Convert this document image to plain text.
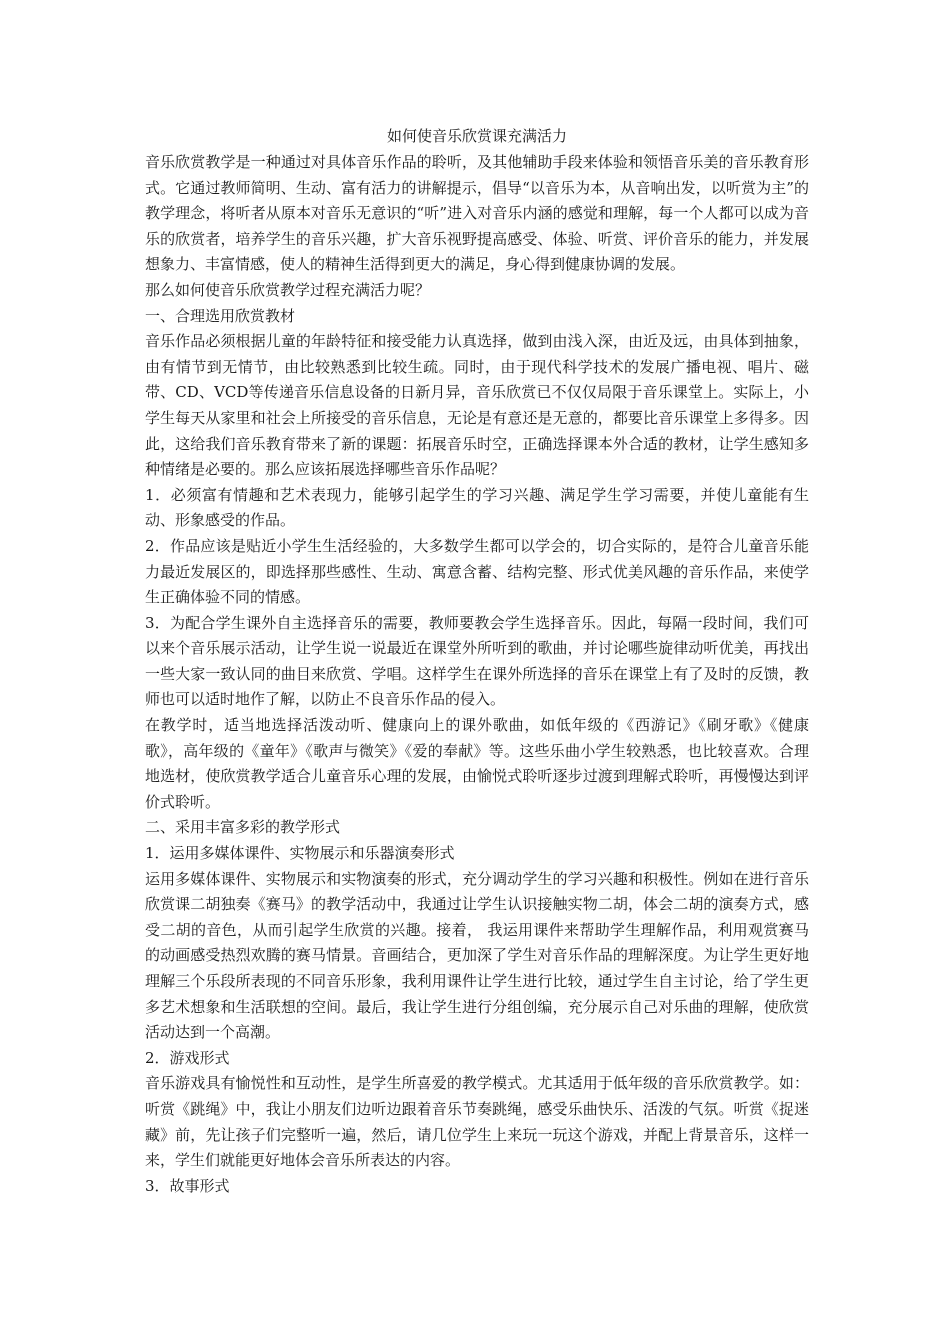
如何使音乐欣赏课充满活力

音乐欣赏教学是一种通过对具体音乐作品的聆听，及其他辅助手段来体验和领悟音乐美的音乐教育形式。它通过教师简明、生动、富有活力的讲解提示，倡导“以音乐为本，从音响出发，以听赏为主”的教学理念，将听者从原本对音乐无意识的“听”进入对音乐内涵的感觉和理解，每一个人都可以成为音乐的欣赏者，培养学生的音乐兴趣，扩大音乐视野提高感受、体验、听赏、评价音乐的能力，并发展想象力、丰富情感，使人的精神生活得到更大的满足，身心得到健康协调的发展。

那么如何使音乐欣赏教学过程充满活力呢？

一、合理选用欣赏教材

音乐作品必须根据儿童的年龄特征和接受能力认真选择，做到由浅入深，由近及远，由具体到抽象，由有情节到无情节，由比较熟悉到比较生疏。同时，由于现代科学技术的发展广播电视、唱片、磁带、CD、VCD等传递音乐信息设备的日新月异，音乐欣赏已不仅仅局限于音乐课堂上。实际上，小学生每天从家里和社会上所接受的音乐信息，无论是有意还是无意的，都要比音乐课堂上多得多。因此，这给我们音乐教育带来了新的课题：拓展音乐时空，正确选择课本外合适的教材，让学生感知多种情绪是必要的。那么应该拓展选择哪些音乐作品呢？

1．必须富有情趣和艺术表现力，能够引起学生的学习兴趣、满足学生学习需要，并使儿童能有生动、形象感受的作品。

2．作品应该是贴近小学生生活经验的，大多数学生都可以学会的，切合实际的，是符合儿童音乐能力最近发展区的，即选择那些感性、生动、寓意含蓄、结构完整、形式优美风趣的音乐作品，来使学生正确体验不同的情感。

3．为配合学生课外自主选择音乐的需要，教师要教会学生选择音乐。因此，每隔一段时间，我们可以来个音乐展示活动，让学生说一说最近在课堂外所听到的歌曲，并讨论哪些旋律动听优美，再找出一些大家一致认同的曲目来欣赏、学唱。这样学生在课外所选择的音乐在课堂上有了及时的反馈，教师也可以适时地作了解，以防止不良音乐作品的侵入。

在教学时，适当地选择活泼动听、健康向上的课外歌曲，如低年级的《西游记》《刷牙歌》《健康歌》，高年级的《童年》《歌声与微笑》《爱的奉献》等。这些乐曲小学生较熟悉，也比较喜欢。合理地选材，使欣赏教学适合儿童音乐心理的发展，由愉悦式聆听逐步过渡到理解式聆听，再慢慢达到评价式聆听。

二、采用丰富多彩的教学形式

1．运用多媒体课件、实物展示和乐器演奏形式

运用多媒体课件、实物展示和实物演奏的形式，充分调动学生的学习兴趣和积极性。例如在进行音乐欣赏课二胡独奏《赛马》的教学活动中，我通过让学生认识接触实物二胡，体会二胡的演奏方式，感受二胡的音色，从而引起学生欣赏的兴趣。接着， 我运用课件来帮助学生理解作品，利用观赏赛马的动画感受热烈欢腾的赛马情景。音画结合，更加深了学生对音乐作品的理解深度。为让学生更好地理解三个乐段所表现的不同音乐形象，我利用课件让学生进行比较，通过学生自主讨论，给了学生更多艺术想象和生活联想的空间。最后，我让学生进行分组创编，充分展示自己对乐曲的理解，使欣赏活动达到一个高潮。

2．游戏形式

音乐游戏具有愉悦性和互动性，是学生所喜爱的教学模式。尤其适用于低年级的音乐欣赏教学。如：听赏《跳绳》中，我让小朋友们边听边跟着音乐节奏跳绳，感受乐曲快乐、活泼的气氛。听赏《捉迷藏》前，先让孩子们完整听一遍，然后，请几位学生上来玩一玩这个游戏，并配上背景音乐，这样一来，学生们就能更好地体会音乐所表达的内容。

3．故事形式
